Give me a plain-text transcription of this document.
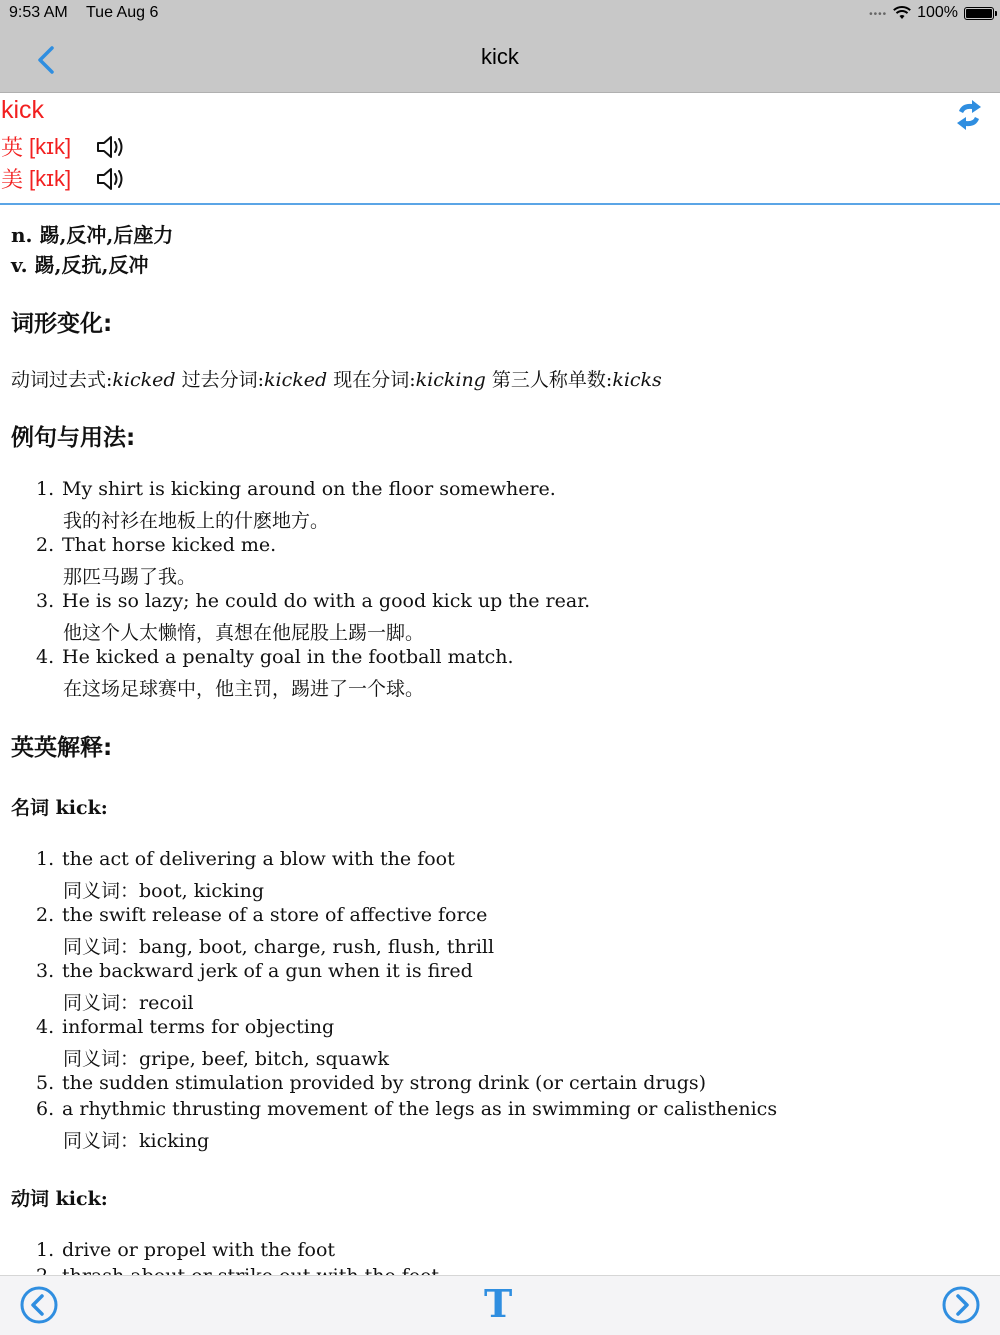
9:53 AM Tue Aug 6	•••• 100%
kick
kick
英 [kɪk]
美 [kɪk]
n. 踢,反冲,后座力
v. 踢,反抗,反冲
词形变化:
动词过去式:kicked 过去分词:kicked 现在分词:kicking 第三人称单数:kicks
例句与用法:
1. My shirt is kicking around on the floor somewhere.
我的衬衫在地板上的什麽地方。
2. That horse kicked me.
那匹马踢了我。
3. He is so lazy; he could do with a good kick up the rear.
他这个人太懒惰，真想在他屁股上踢一脚。
4. He kicked a penalty goal in the football match.
在这场足球赛中，他主罚，踢进了一个球。
英英解释:
名词 kick:
1. the act of delivering a blow with the foot
同义词：boot, kicking
2. the swift release of a store of affective force
同义词：bang, boot, charge, rush, flush, thrill
3. the backward jerk of a gun when it is fired
同义词：recoil
4. informal terms for objecting
同义词：gripe, beef, bitch, squawk
5. the sudden stimulation provided by strong drink (or certain drugs)
6. a rhythmic thrusting movement of the legs as in swimming or calisthenics
同义词：kicking
动词 kick:
1. drive or propel with the foot
T
